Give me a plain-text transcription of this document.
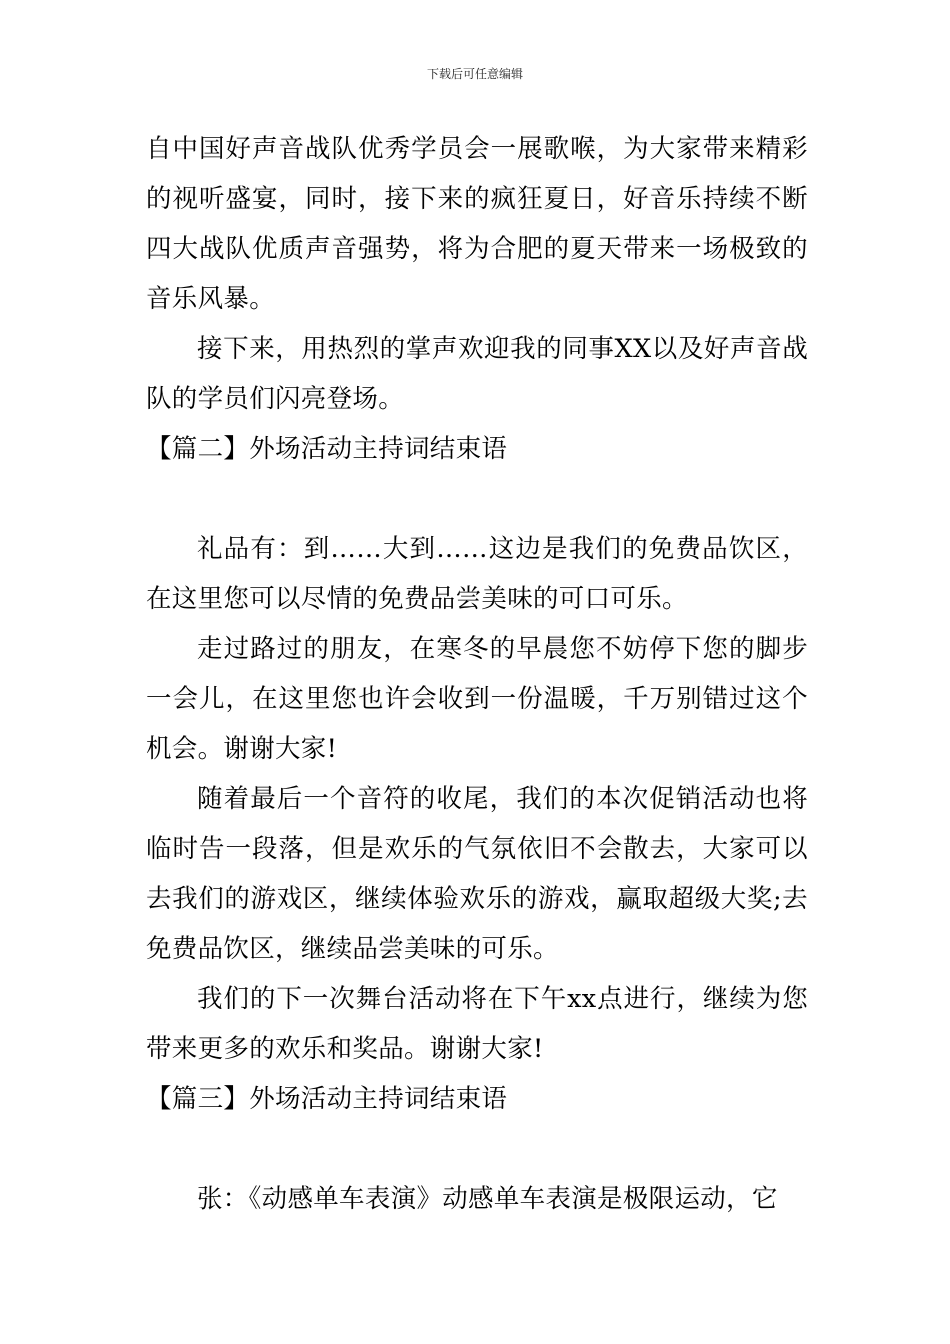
下载后可任意编辑

自中国好声音战队优秀学员会一展歌喉，为大家带来精彩的视听盛宴，同时，接下来的疯狂夏日，好音乐持续不断四大战队优质声音强势，将为合肥的夏天带来一场极致的音乐风暴。

接下来，用热烈的掌声欢迎我的同事XX以及好声音战队的学员们闪亮登场。

【篇二】外场活动主持词结束语

礼品有：到……大到……这边是我们的免费品饮区，在这里您可以尽情的免费品尝美味的可口可乐。

走过路过的朋友，在寒冬的早晨您不妨停下您的脚步一会儿，在这里您也许会收到一份温暖，千万别错过这个机会。谢谢大家!

随着最后一个音符的收尾，我们的本次促销活动也将临时告一段落，但是欢乐的气氛依旧不会散去，大家可以去我们的游戏区，继续体验欢乐的游戏，赢取超级大奖;去免费品饮区，继续品尝美味的可乐。

我们的下一次舞台活动将在下午xx点进行，继续为您带来更多的欢乐和奖品。谢谢大家!

【篇三】外场活动主持词结束语

张：《动感单车表演》动感单车表演是极限运动，它
